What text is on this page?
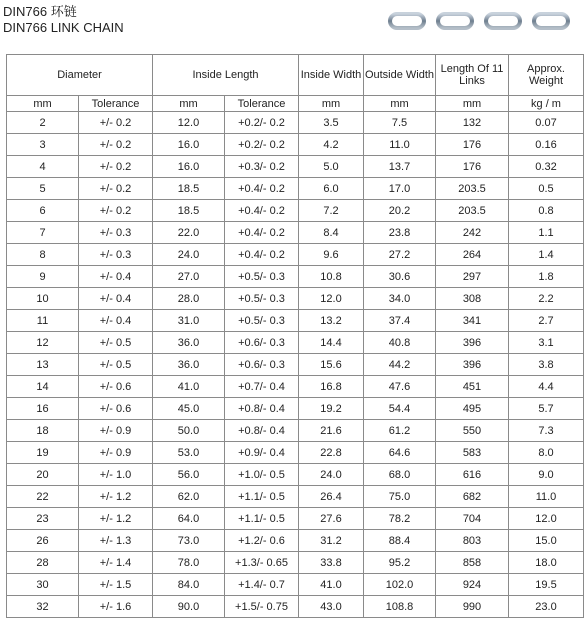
DIN766 环链
DIN766 LINK CHAIN
Diameter		Inside Length		Inside Width	Outside Width	Length Of 11 Links	Approx. Weight
mm	Tolerance	mm	Tolerance	mm	mm	mm	kg / m
2	+/- 0.2	12.0	+0.2/- 0.2	3.5	7.5	132	0.07
3	+/- 0.2	16.0	+0.2/- 0.2	4.2	11.0	176	0.16
4	+/- 0.2	16.0	+0.3/- 0.2	5.0	13.7	176	0.32
5	+/- 0.2	18.5	+0.4/- 0.2	6.0	17.0	203.5	0.5
6	+/- 0.2	18.5	+0.4/- 0.2	7.2	20.2	203.5	0.8
7	+/- 0.3	22.0	+0.4/- 0.2	8.4	23.8	242	1.1
8	+/- 0.3	24.0	+0.4/- 0.2	9.6	27.2	264	1.4
9	+/- 0.4	27.0	+0.5/- 0.3	10.8	30.6	297	1.8
10	+/- 0.4	28.0	+0.5/- 0.3	12.0	34.0	308	2.2
11	+/- 0.4	31.0	+0.5/- 0.3	13.2	37.4	341	2.7
12	+/- 0.5	36.0	+0.6/- 0.3	14.4	40.8	396	3.1
13	+/- 0.5	36.0	+0.6/- 0.3	15.6	44.2	396	3.8
14	+/- 0.6	41.0	+0.7/- 0.4	16.8	47.6	451	4.4
16	+/- 0.6	45.0	+0.8/- 0.4	19.2	54.4	495	5.7
18	+/- 0.9	50.0	+0.8/- 0.4	21.6	61.2	550	7.3
19	+/- 0.9	53.0	+0.9/- 0.4	22.8	64.6	583	8.0
20	+/- 1.0	56.0	+1.0/- 0.5	24.0	68.0	616	9.0
22	+/- 1.2	62.0	+1.1/- 0.5	26.4	75.0	682	11.0
23	+/- 1.2	64.0	+1.1/- 0.5	27.6	78.2	704	12.0
26	+/- 1.3	73.0	+1.2/- 0.6	31.2	88.4	803	15.0
28	+/- 1.4	78.0	+1.3/- 0.65	33.8	95.2	858	18.0
30	+/- 1.5	84.0	+1.4/- 0.7	41.0	102.0	924	19.5
32	+/- 1.6	90.0	+1.5/- 0.75	43.0	108.8	990	23.0
